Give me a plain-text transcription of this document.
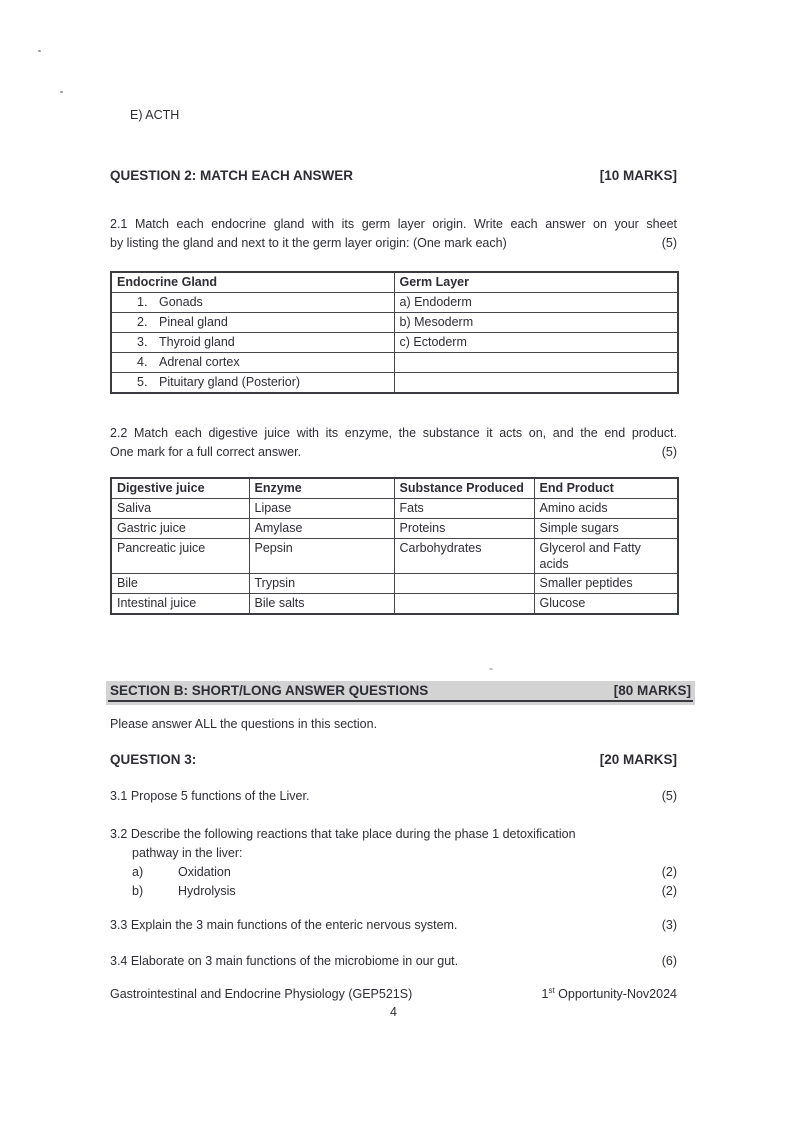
E) ACTH
QUESTION 2: MATCH EACH ANSWER	[10 MARKS]
2.1 Match each endocrine gland with its germ layer origin. Write each answer on your sheet
by listing the gland and next to it the germ layer origin: (One mark each)	(5)
Endocrine Gland	Germ Layer
1. Gonads	a) Endoderm
2. Pineal gland	b) Mesoderm
3. Thyroid gland	c) Ectoderm
4. Adrenal cortex	
5. Pituitary gland (Posterior)	
2.2 Match each digestive juice with its enzyme, the substance it acts on, and the end product.
One mark for a full correct answer.	(5)
Digestive juice	Enzyme	Substance Produced	End Product
Saliva	Lipase	Fats	Amino acids
Gastric juice	Amylase	Proteins	Simple sugars
Pancreatic juice	Pepsin	Carbohydrates	Glycerol and Fatty acids
Bile	Trypsin		Smaller peptides
Intestinal juice	Bile salts		Glucose
SECTION B: SHORT/LONG ANSWER QUESTIONS	[80 MARKS]
Please answer ALL the questions in this section.
QUESTION 3:	[20 MARKS]
3.1 Propose 5 functions of the Liver.	(5)
3.2 Describe the following reactions that take place during the phase 1 detoxification
pathway in the liver:
a)	Oxidation	(2)
b)	Hydrolysis	(2)
3.3 Explain the 3 main functions of the enteric nervous system.	(3)
3.4 Elaborate on 3 main functions of the microbiome in our gut.	(6)
Gastrointestinal and Endocrine Physiology (GEP521S)	1st Opportunity-Nov2024
4
